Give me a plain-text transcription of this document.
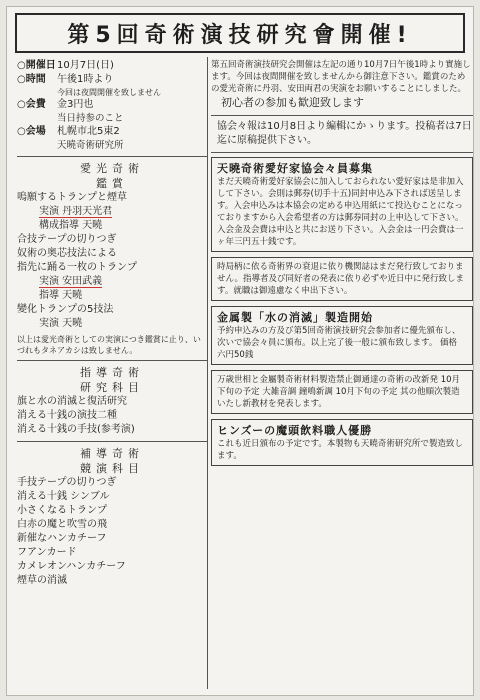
第5回奇術演技研究會開催!
○開催日 10月7日(日)
○時間	午後1時より
今回は夜間開催を致しません
○会費	金3円也
当日持参のこと
○会場	札幌市北5東2
天曉奇術研究所
愛光奇術
鑑賞
嗚願するトランプと煙草
実演 丹羽天光君
構成指導 天曉
合技テープの切りつぎ
奴術の奥芯技法による
指先に踊る一枚のトランプ
実演 安田武義
指導 天曉
變化トランプの5技法
実演 天曉
以上は愛光奇術としての実演につき鑑賞に止り、いづれもタネアカシは致しません。
指導奇術
研究科目
旗と水の消滅と復活研究
消える十銭の演技二種
消える十銭の手技(参考演)
補導奇術
競演科目
手技テープの切りつぎ
消える十銭 シンブル
小さくなるトランプ
白赤の魔と吹雪の飛
新催なハンカチーフ
フアンカード
カメレオンハンカチーフ
煙草の消滅
第五回奇術演技研究会開催は左記の通り10月7日午後1時より實施します。今回は夜間開催を致しませんから御注意下さい。鑑賞のための愛光奇術に丹羽、安田両君の実演をお願いすることにしました。
初心者の参加も歓迎致します
協会々報は10月8日より編輯にかゝります。投稿者は7日迄に原稿提供下さい。
天曉奇術愛好家協会々員募集
まだ天曉奇術愛好家協会に加入しておられない愛好家は是非加入して下さい。会則は郵券(切手十五)同封申込み下されば送呈します。入会申込みは本協会の定める申込用紙にて投込むことになっておりますから入会希望者の方は郵券同封の上申込して下さい。入会金及会費は申込と共にお送り下さい。入会金は一円会費は一ヶ年三円五十銭です。
時局柄に依る奇術界の衰退に依り機関誌はまだ発行致しておりません。指導者及び同好者の発表に依り必ずや近日中に発行致します。就職は御遠慮なく申出下さい。
金属製「水の消滅」製造開始
予約申込みの方及び第5回奇術演技研究会参加者に優先頒布し、次いで協会々員に頒布。以上完了後一般に頒布致します。 価格 六円50銭
万歳世相と金屬製奇術材料製造禁止御通達の奇術の改新発 10月下旬の予定 大雑音調 鐘鳴新調 10月下旬の予定 其の他順次製造いたし新教材を発表します。
ヒンズーの魔頭飲料職人優勝
これも近日頒布の予定です。本製物も天曉奇術研究所で製造致します。
